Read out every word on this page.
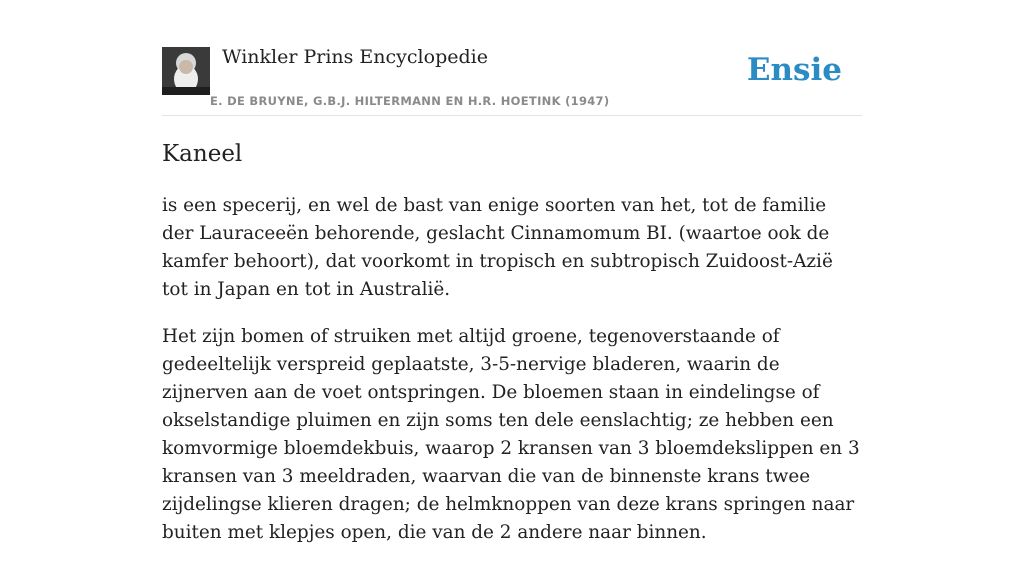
Winkler Prins Encyclopedie
E. DE BRUYNE, G.B.J. HILTERMANN EN H.R. HOETINK (1947)
Ensie
Kaneel

is een specerij, en wel de bast van enige soorten van het, tot de familie der Lauraceeën behorende, geslacht Cinnamomum BI. (waartoe ook de kamfer behoort), dat voorkomt in tropisch en subtropisch Zuidoost-Azië tot in Japan en tot in Australië.

Het zijn bomen of struiken met altijd groene, tegenoverstaande of gedeeltelijk verspreid geplaatste, 3-5-nervige bladeren, waarin de zijnerven aan de voet ontspringen. De bloemen staan in eindelingse of okselstandige pluimen en zijn soms ten dele eenslachtig; ze hebben een komvormige bloemdekbuis, waarop 2 kransen van 3 bloemdekslippen en 3 kransen van 3 meeldraden, waarvan die van de binnenste krans twee zijdelingse klieren dragen; de helmknoppen van deze krans springen naar buiten met klepjes open, die van de 2 andere naar binnen.
